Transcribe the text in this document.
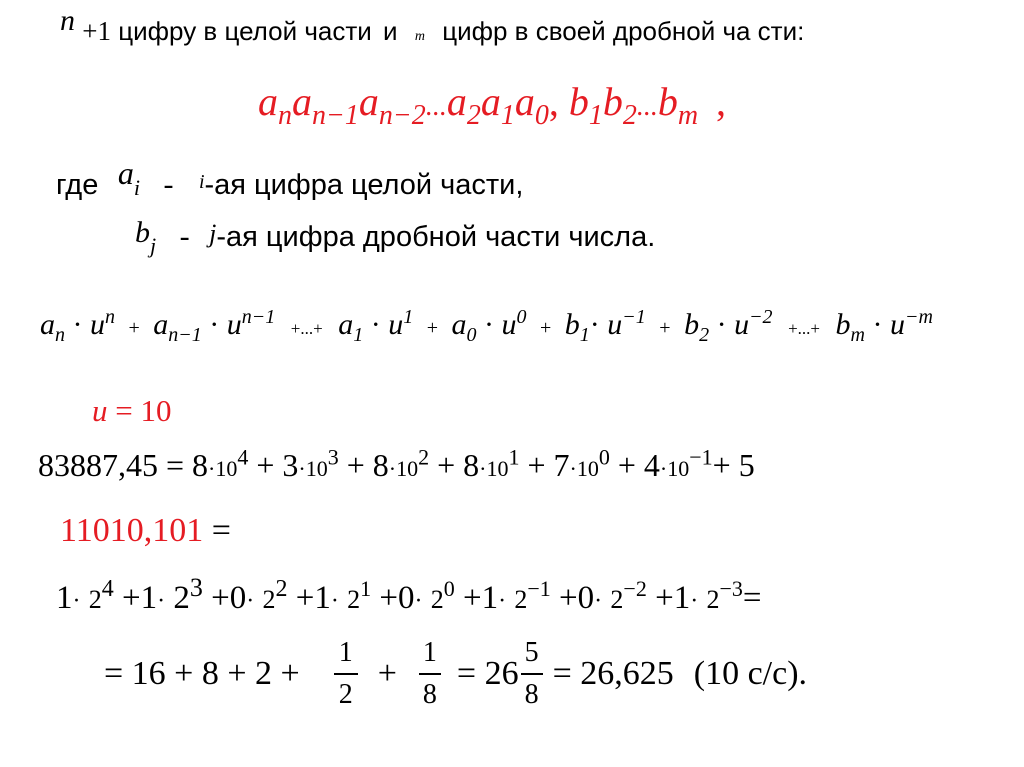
n +1 цифру в целой части и m цифр в своей дробной ча сти:
$a_na_{n-1}a_{n-2}...a_2a_1a_0$, $b_1b_2...b_m$ ,
где $a_i - ^i-ая$ цифра целой части,
$b_j - j-ая$ цифра дробной части числа.
$a_n \cdot u^n + a_{n-1} \cdot u^{n-1}$ +...+ $a_1 \cdot u^1 + a_0 \cdot u^0 + b_1\cdot u^{-1} + b_2 \cdot u^{-2}$ +...+ $b_m \cdot u^{-m}$
u = 10
$83887,45 = 8\cdot 10^4 + 3\cdot 10^3 + 8\cdot 10^2 + 8\cdot 10^1 + 7\cdot 10^0 + 4\cdot 10^{-1}+ 5$
11010,101 =
$1\cdot 2^4 +1\cdot 2^3 +0\cdot 2^2 +1\cdot 2^1 +0\cdot 2^0 +1\cdot 2^{-1} +0\cdot 2^{-2} +1\cdot 2^{-3}=$
= $16 + 8 + 2 + \frac{1}{2} + \frac{1}{8} = 26 \frac{5}{8} = 26,625$ (10 с/с).
